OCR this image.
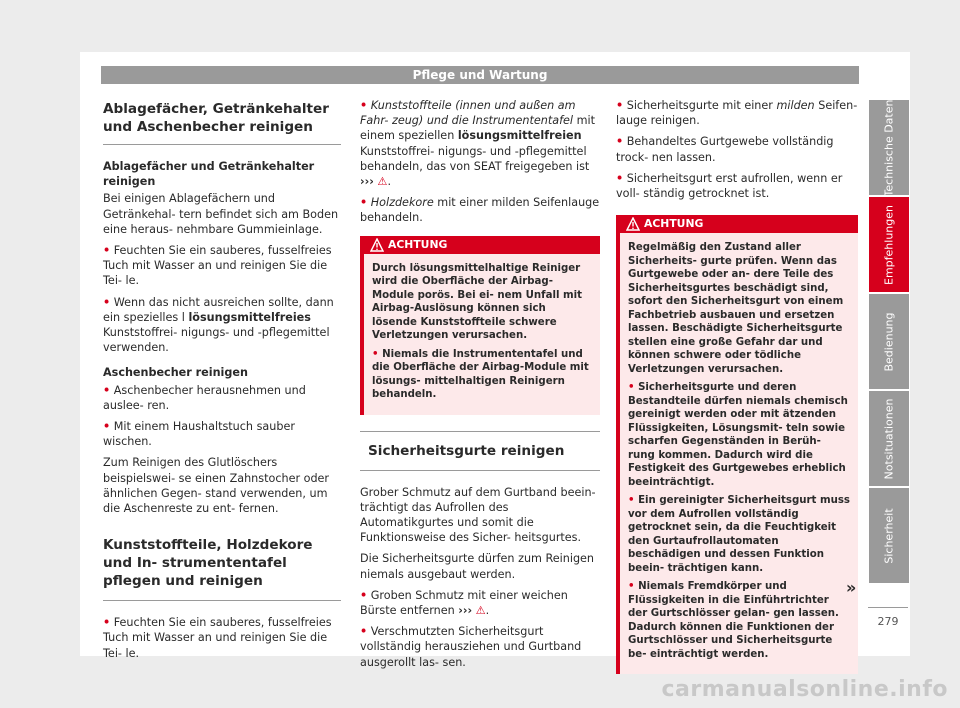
Pflege und Wartung

Ablagefächer, Getränkehalter und Aschenbecher reinigen

Ablagefächer und Getränkehalter reinigen

Bei einigen Ablagefächern und Getränkehal- tern befindet sich am Boden eine heraus- nehmbare Gummieinlage.

• Feuchten Sie ein sauberes, fusselfreies Tuch mit Wasser an und reinigen Sie die Tei- le.

• Wenn das nicht ausreichen sollte, dann ein spezielles l lösungsmittelfreies Kunststoffrei- nigungs- und -pflegemittel verwenden.

Aschenbecher reinigen

• Aschenbecher herausnehmen und auslee- ren.

• Mit einem Haushaltstuch sauber wischen.

Zum Reinigen des Glutlöschers beispielswei- se einen Zahnstocher oder ähnlichen Gegen- stand verwenden, um die Aschenreste zu ent- fernen.

Kunststoffteile, Holzdekore und In- strumententafel pflegen und reinigen

• Feuchten Sie ein sauberes, fusselfreies Tuch mit Wasser an und reinigen Sie die Tei- le.

• Kunststoffteile (innen und außen am Fahr- zeug) und die Instrumententafel mit einem speziellen lösungsmittelfreien Kunststoffrei- nigungs- und -pflegemittel behandeln, das von SEAT freigegeben ist ››› ⚠.

• Holzdekore mit einer milden Seifenlauge behandeln.

ACHTUNG

Durch lösungsmittelhaltige Reiniger wird die Oberfläche der Airbag-Module porös. Bei ei- nem Unfall mit Airbag-Auslösung können sich lösende Kunststoffteile schwere Verletzungen verursachen.

• Niemals die Instrumententafel und die Oberfläche der Airbag-Module mit lösungs- mittelhaltigen Reinigern behandeln.

Sicherheitsgurte reinigen

Grober Schmutz auf dem Gurtband beein- trächtigt das Aufrollen des Automatikgurtes und somit die Funktionsweise des Sicher- heitsgurtes.

Die Sicherheitsgurte dürfen zum Reinigen niemals ausgebaut werden.

• Groben Schmutz mit einer weichen Bürste entfernen ››› ⚠.

• Verschmutzten Sicherheitsgurt vollständig herausziehen und Gurtband ausgerollt las- sen.

• Sicherheitsgurte mit einer milden Seifen- lauge reinigen.

• Behandeltes Gurtgewebe vollständig trock- nen lassen.

• Sicherheitsgurt erst aufrollen, wenn er voll- ständig getrocknet ist.

ACHTUNG

Regelmäßig den Zustand aller Sicherheits- gurte prüfen. Wenn das Gurtgewebe oder an- dere Teile des Sicherheitsgurtes beschädigt sind, sofort den Sicherheitsgurt von einem Fachbetrieb ausbauen und ersetzen lassen. Beschädigte Sicherheitsgurte stellen eine große Gefahr dar und können schwere oder tödliche Verletzungen verursachen.

• Sicherheitsgurte und deren Bestandteile dürfen niemals chemisch gereinigt werden oder mit ätzenden Flüssigkeiten, Lösungsmit- teln sowie scharfen Gegenständen in Berüh- rung kommen. Dadurch wird die Festigkeit des Gurtgewebes erheblich beeinträchtigt.

• Ein gereinigter Sicherheitsgurt muss vor dem Aufrollen vollständig getrocknet sein, da die Feuchtigkeit den Gurtaufrollautomaten beschädigen und dessen Funktion beein- trächtigen kann.

• Niemals Fremdkörper und Flüssigkeiten in die Einführtrichter der Gurtschlösser gelan- gen lassen. Dadurch können die Funktionen der Gurtschlösser und Sicherheitsgurte be- einträchtigt werden.

»
Technische Daten
Empfehlungen
Bedienung
Notsituationen
Sicherheit
279
carmanualsonline.info
